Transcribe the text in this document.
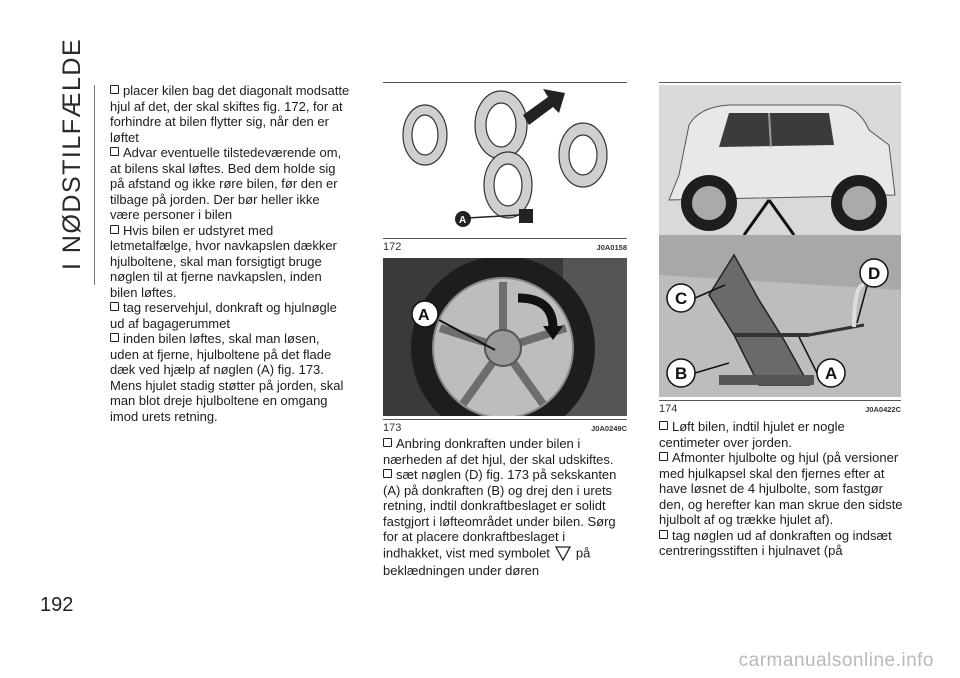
I NØDSTILFÆLDE
192

placer kilen bag det diagonalt modsatte hjul af det, der skal skiftes fig. 172, for at forhindre at bilen flytter sig, når den er løftet

Advar eventuelle tilstedeværende om, at bilens skal løftes. Bed dem holde sig på afstand og ikke røre bilen, før den er tilbage på jorden. Der bør heller ikke være personer i bilen

Hvis bilen er udstyret med letmetalfælge, hvor navkapslen dækker hjulboltene, skal man forsigtigt bruge nøglen til at fjerne navkapslen, inden bilen løftes.

tag reservehjul, donkraft og hjulnøgle ud af bagagerummet

inden bilen løftes, skal man løsen, uden at fjerne, hjulboltene på det flade dæk ved hjælp af nøglen (A) fig. 173. Mens hjulet stadig støtter på jorden, skal man blot dreje hjulboltene en omgang imod urets retning.

A
172	J0A0158
A
173	J0A0249C

Anbring donkraften under bilen i nærheden af det hjul, der skal udskiftes.

sæt nøglen (D) fig. 173 på sekskanten (A) på donkraften (B) og drej den i urets retning, indtil donkraftbeslaget er solidt fastgjort i løfteområdet under bilen. Sørg for at placere donkraftbeslaget i indhakket, vist med symbolet på beklædningen under døren

D
C
B	A
174	J0A0422C

Løft bilen, indtil hjulet er nogle centimeter over jorden.

Afmonter hjulbolte og hjul (på versioner med hjulkapsel skal den fjernes efter at have løsnet de 4 hjulbolte, som fastgør den, og herefter kan man skrue den sidste hjulbolt af og trække hjulet af).

tag nøglen ud af donkraften og indsæt centreringsstiften i hjulnavet (på

carmanualsonline.info
